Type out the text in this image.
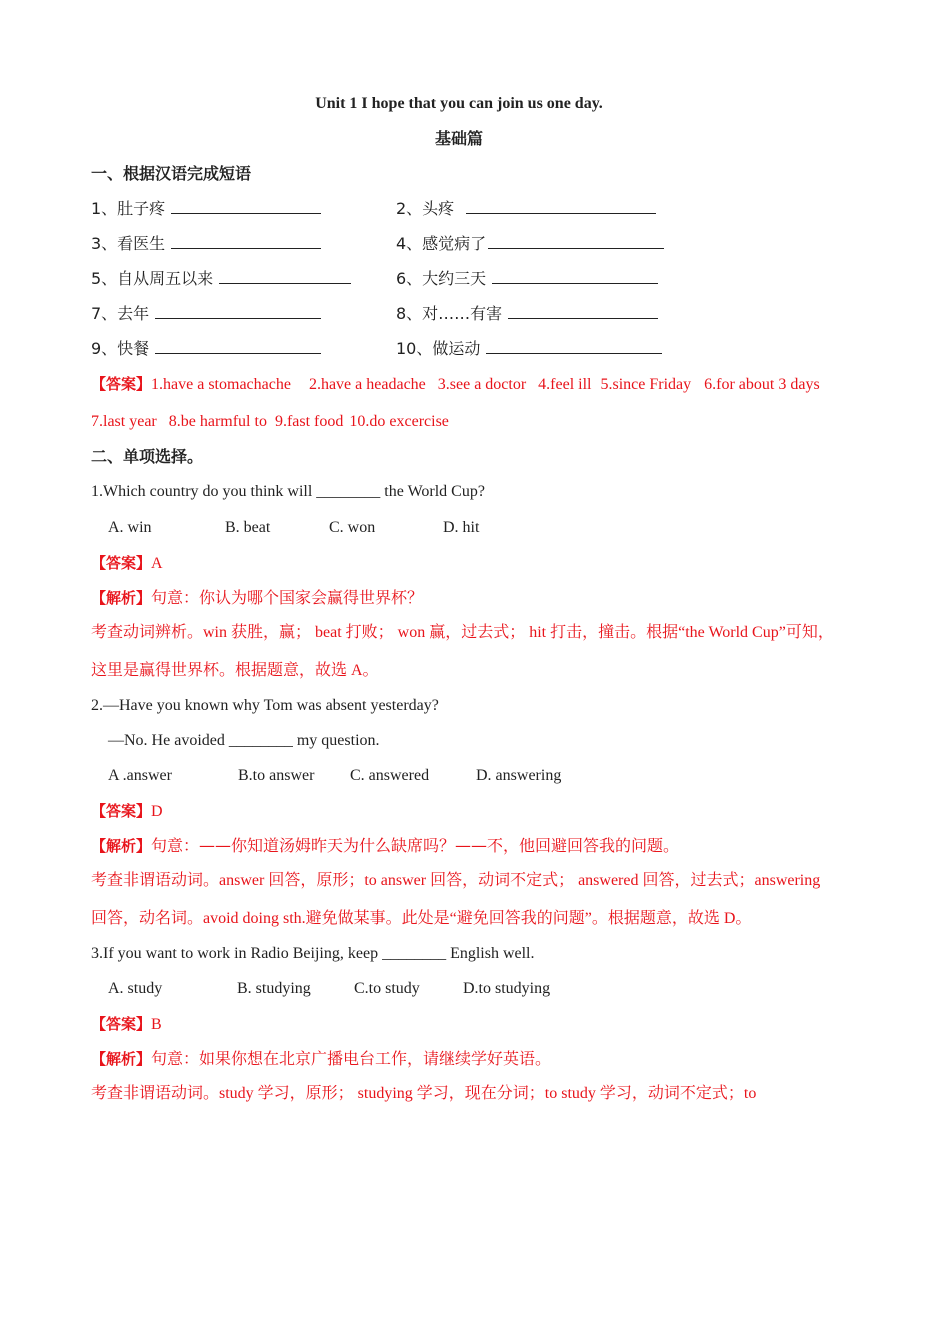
Unit 1 I hope that you can join us one day.
基础篇
一、根据汉语完成短语
1、肚子疼	2、头疼
3、看医生	4、感觉病了
5、自从周五以来	6、大约三天
7、去年	8、对……有害
9、快餐	10、做运动
【答案】1.have a stomachache 2.have a headache 3.see a doctor 4.feel ill 5.since Friday 6.for about 3 days
7.last year 8.be harmful to 9.fast food 10.do excercise
二、单项选择。
1.Which country do you think will ________ the World Cup?
A. win	B. beat	C. won	D. hit
【答案】A
【解析】句意：你认为哪个国家会赢得世界杯？
考查动词辨析。win 获胜，赢； beat 打败； won 赢，过去式； hit 打击，撞击。根据“the World Cup”可知，
这里是赢得世界杯。根据题意，故选 A。
2.—Have you known why Tom was absent yesterday?
—No. He avoided ________ my question.
A .answer	B.to answer C. answered	D. answering
【答案】D
【解析】句意：——你知道汤姆昨天为什么缺席吗？——不，他回避回答我的问题。
考查非谓语动词。answer 回答，原形；to answer 回答，动词不定式； answered 回答，过去式；answering
回答，动名词。avoid doing sth.避免做某事。此处是“避免回答我的问题”。根据题意，故选 D。
3.If you want to work in Radio Beijing, keep ________ English well.
A. study	B. studying	C.to study	D.to studying
【答案】B
【解析】句意：如果你想在北京广播电台工作，请继续学好英语。
考查非谓语动词。study 学习，原形； studying 学习，现在分词；to study 学习，动词不定式；to
